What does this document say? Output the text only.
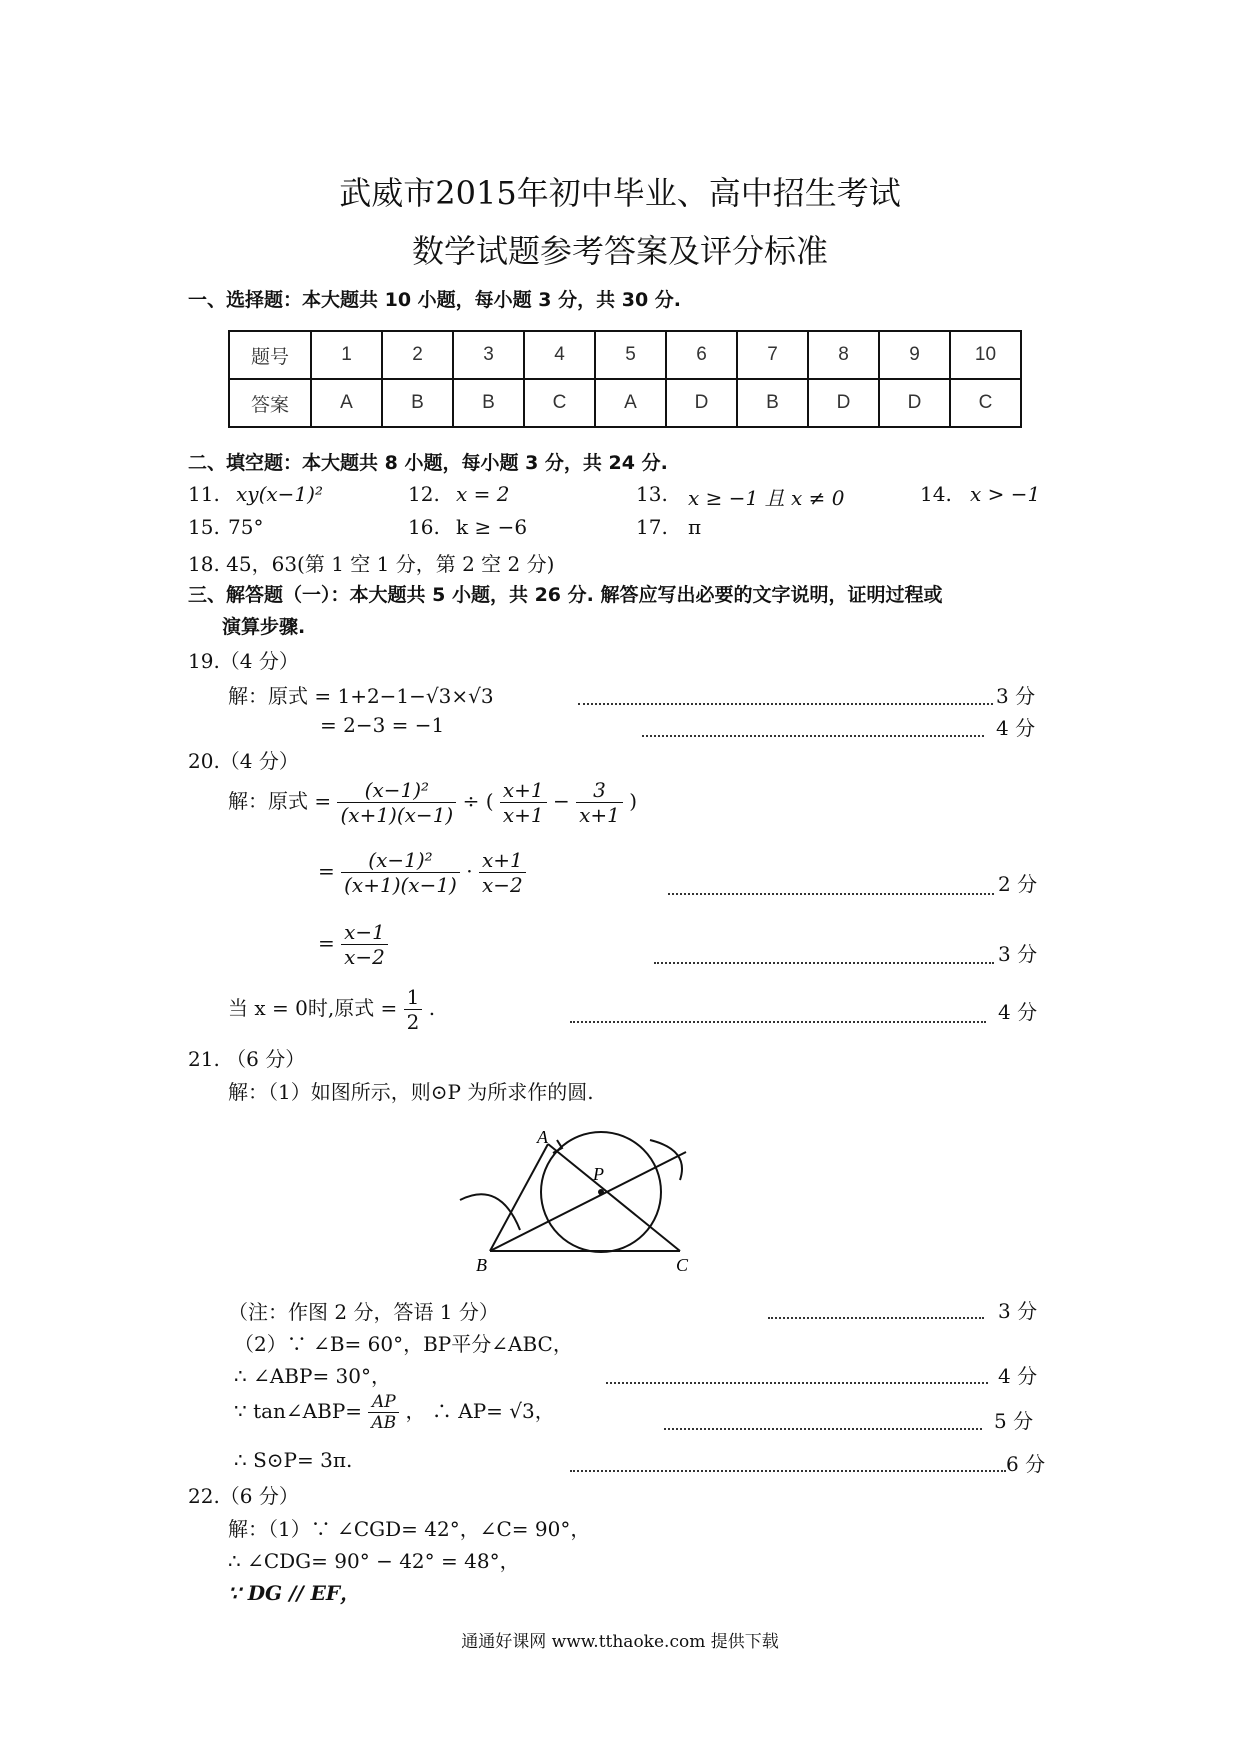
武威市2015年初中毕业、高中招生考试
数学试题参考答案及评分标准
一、选择题：本大题共 10 小题，每小题 3 分，共 30 分.
题号	1	2	3	4	5	6	7	8	9	10
答案	A	B	B	C	A	D	B	D	D	C
二、填空题：本大题共 8 小题，每小题 3 分，共 24 分.
11. xy(x−1)²	12. x = 2	13. x ≥ −1 且 x ≠ 0	14. x > −1
15. 75°	16. k ≥ −6	17. π
18. 45，63(第 1 空 1 分，第 2 空 2 分)
三、解答题（一）：本大题共 5 小题，共 26 分. 解答应写出必要的文字说明，证明过程或
演算步骤.
19.（4 分）
解：原式 = 1+2−1−√3×√3	3 分
= 2−3 = −1	4 分
20.（4 分）
解：原式 = $\frac{\text{(x−1)²}}{(x+1)(x-1)}$ ÷ ( $\frac{x+1}{x+1} - \frac{3}{x+1}$ )
= $\frac{\text{(x−1)²}}{(x+1)(x-1)} \cdot \frac{x+1}{x-2}$	2 分
= $\frac{x-1}{x-2}$	3 分
当 x = 0时,原式 = $\frac{1}{2}$ .	4 分
21. （6 分）
解：（1）如图所示，则⊙P 为所求作的圆.
A
B	C
P
（注：作图 2 分，答语 1 分）	3 分
（2）∵ ∠B= 60°，BP平分∠ABC，
∴ ∠ABP= 30°，	4 分
∵ tan∠ABP= $\frac{AP}{AB}$ ， ∴ AP= √3，	5 分
∴ S⊙P= 3π.	6 分
22.（6 分）
解：（1）∵ ∠CGD= 42°，∠C= 90°，
∴ ∠CDG= 90° − 42° = 48°，
∵ DG // EF，
通通好课网 www.tthaoke.com 提供下载
